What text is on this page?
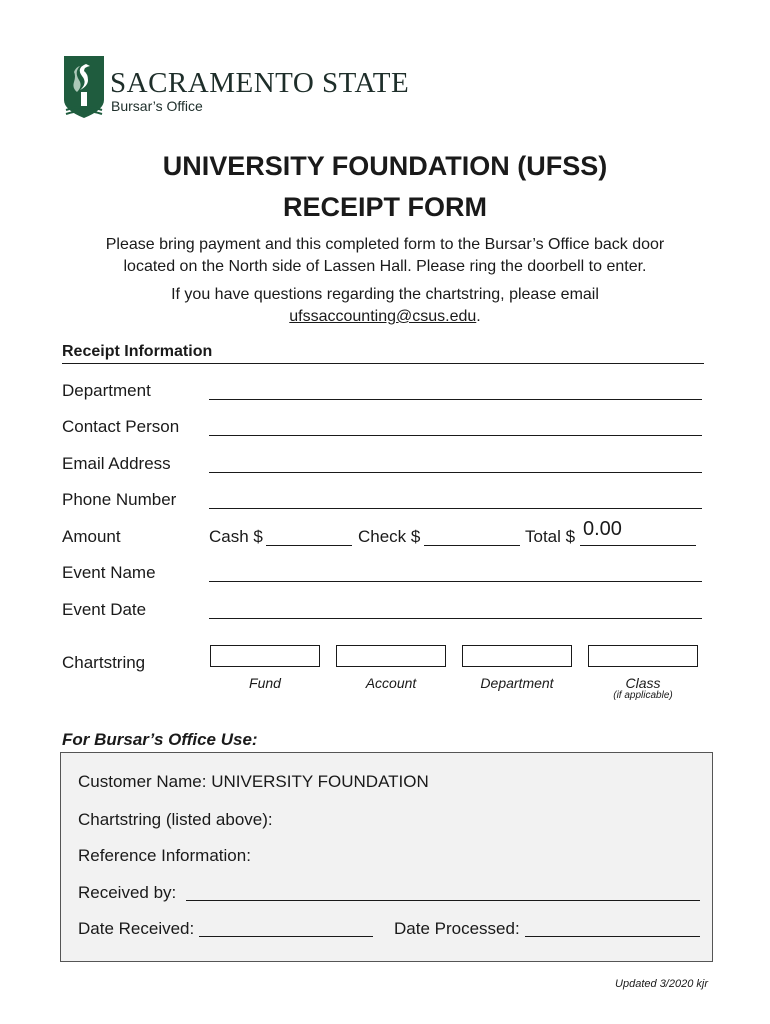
SACRAMENTO STATE
Bursar’s Office
UNIVERSITY FOUNDATION (UFSS)
RECEIPT FORM
Please bring payment and this completed form to the Bursar’s Office back door
located on the North side of Lassen Hall. Please ring the doorbell to enter.
If you have questions regarding the chartstring, please email
ufssaccounting@csus.edu.
Receipt Information
Department
Contact Person
Email Address
Phone Number
Amount	Cash $	Check $	Total $ 0.00
Event Name
Event Date
Chartstring
Fund	Account	Department	Class
(if applicable)
For Bursar’s Office Use:
Customer Name: UNIVERSITY FOUNDATION
Chartstring (listed above):
Reference Information:
Received by:
Date Received:	Date Processed:
Updated 3/2020 kjr
